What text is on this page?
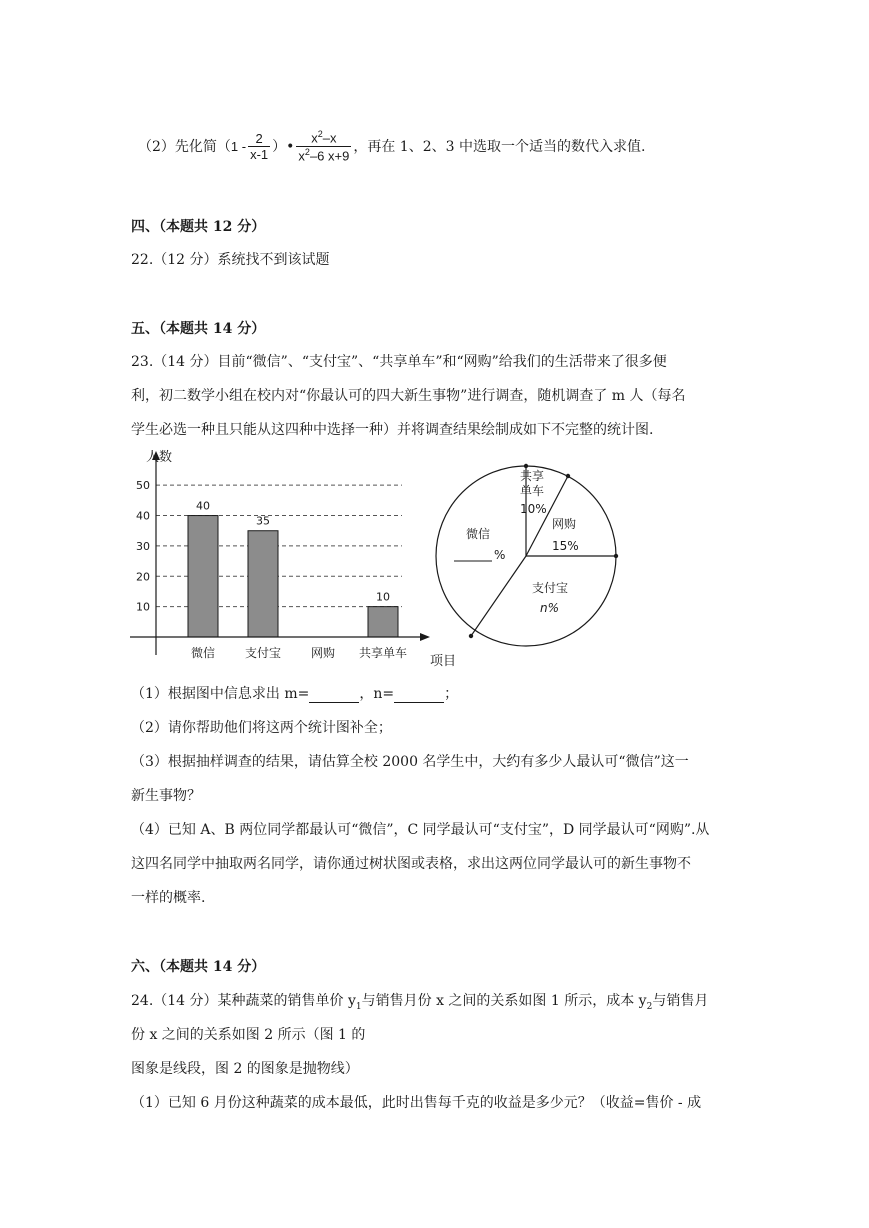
（2）先化简（ $1 - \frac{2}{x-1}$ ）• $\frac{x^2-x}{x^2-6 x+9}$ ，再在 1、2、3 中选取一个适当的数代入求值.
四、（本题共 12 分）
22.（12 分）系统找不到该试题
五、（本题共 14 分）
23.（14 分）目前“微信”、“支付宝”、“共享单车”和“网购”给我们的生活带来了很多便
利，初二数学小组在校内对“你最认可的四大新生事物”进行调查，随机调查了 m 人（每名
学生必选一种且只能从这四种中选择一种）并将调查结果绘制成如下不完整的统计图.
40
35
10
人数
项目
10
20
30
40
50
微信 支付宝 网购 共享单车
共享
单车
10%
网购
15%
支付宝
n%
微信
%
（1）根据图中信息求出 m=	，n=	；
（2）请你帮助他们将这两个统计图补全；
（3）根据抽样调查的结果，请估算全校 2000 名学生中，大约有多少人最认可“微信”这一
新生事物？
（4）已知 A、B 两位同学都最认可“微信”，C 同学最认可“支付宝”，D 同学最认可“网购”.从
这四名同学中抽取两名同学，请你通过树状图或表格，求出这两位同学最认可的新生事物不
一样的概率.
六、（本题共 14 分）
24.（14 分）某种蔬菜的销售单价 $y_1$与销售月份 x 之间的关系如图 1 所示，成本 $y_2$与销售月
份 x 之间的关系如图 2 所示（图 1 的
图象是线段，图 2 的图象是抛物线）
（1）已知 6 月份这种蔬菜的成本最低，此时出售每千克的收益是多少元？（收益=售价 - 成
